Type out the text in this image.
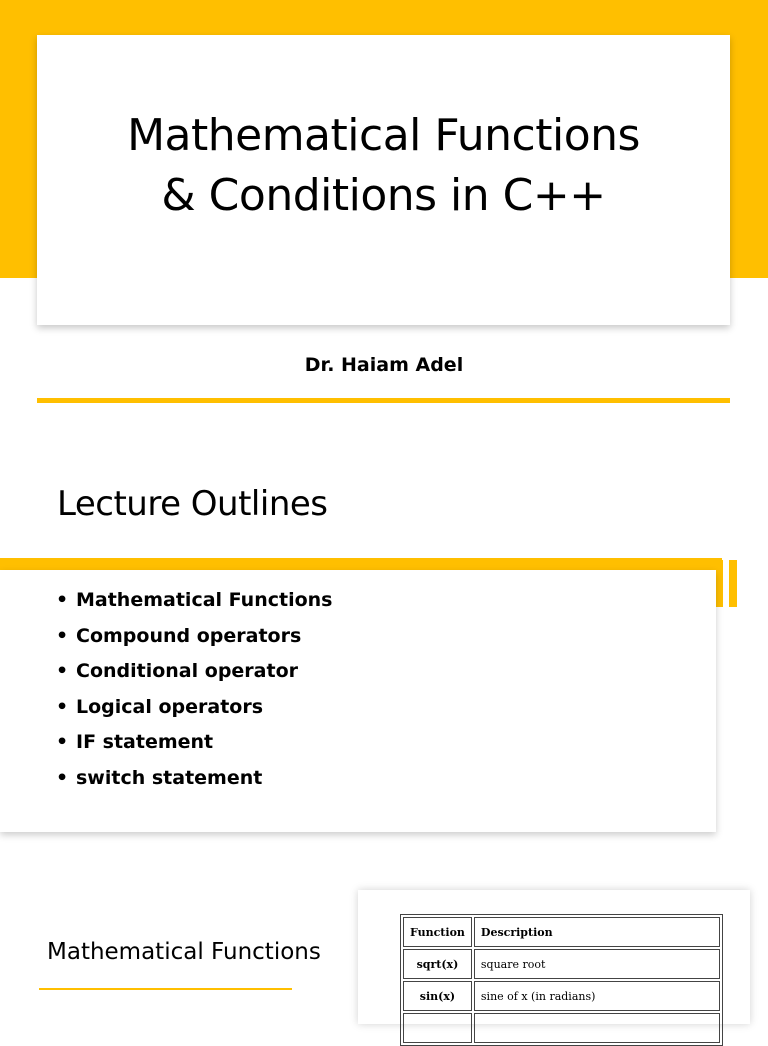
Mathematical Functions
& Conditions in C++
Dr. Haiam Adel
Lecture Outlines
• Mathematical Functions
• Compound operators
• Conditional operator
• Logical operators
• IF statement
• switch statement
Mathematical Functions
Function	Description
sqrt(x)	square root
sin(x)	sine of x (in radians)
